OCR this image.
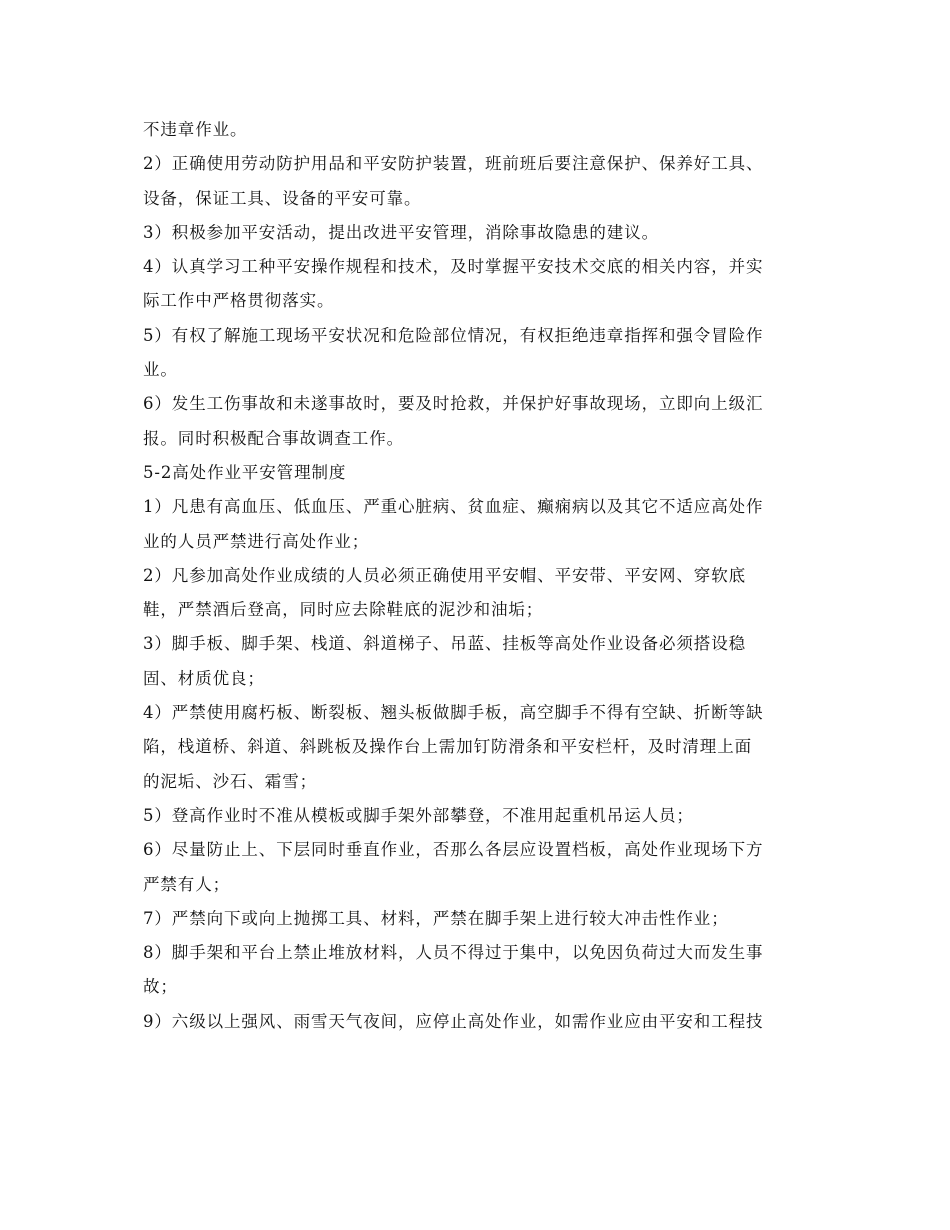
不违章作业。
2）正确使用劳动防护用品和平安防护装置，班前班后要注意保护、保养好工具、
设备，保证工具、设备的平安可靠。
3）积极参加平安活动，提出改进平安管理，消除事故隐患的建议。
4）认真学习工种平安操作规程和技术，及时掌握平安技术交底的相关内容，并实
际工作中严格贯彻落实。
5）有权了解施工现场平安状况和危险部位情况，有权拒绝违章指挥和强令冒险作
业。
6）发生工伤事故和未遂事故时，要及时抢救，并保护好事故现场，立即向上级汇
报。同时积极配合事故调查工作。
5-2高处作业平安管理制度
1）凡患有高血压、低血压、严重心脏病、贫血症、癫痫病以及其它不适应高处作
业的人员严禁进行高处作业；
2）凡参加高处作业成绩的人员必须正确使用平安帽、平安带、平安网、穿软底
鞋，严禁酒后登高，同时应去除鞋底的泥沙和油垢；
3）脚手板、脚手架、栈道、斜道梯子、吊蓝、挂板等高处作业设备必须搭设稳
固、材质优良；
4）严禁使用腐朽板、断裂板、翘头板做脚手板，高空脚手不得有空缺、折断等缺
陷，栈道桥、斜道、斜跳板及操作台上需加钉防滑条和平安栏杆，及时清理上面
的泥垢、沙石、霜雪；
5）登高作业时不准从模板或脚手架外部攀登，不准用起重机吊运人员；
6）尽量防止上、下层同时垂直作业，否那么各层应设置档板，高处作业现场下方
严禁有人；
7）严禁向下或向上抛掷工具、材料，严禁在脚手架上进行较大冲击性作业；
8）脚手架和平台上禁止堆放材料，人员不得过于集中，以免因负荷过大而发生事
故；
9）六级以上强风、雨雪天气夜间，应停止高处作业，如需作业应由平安和工程技
